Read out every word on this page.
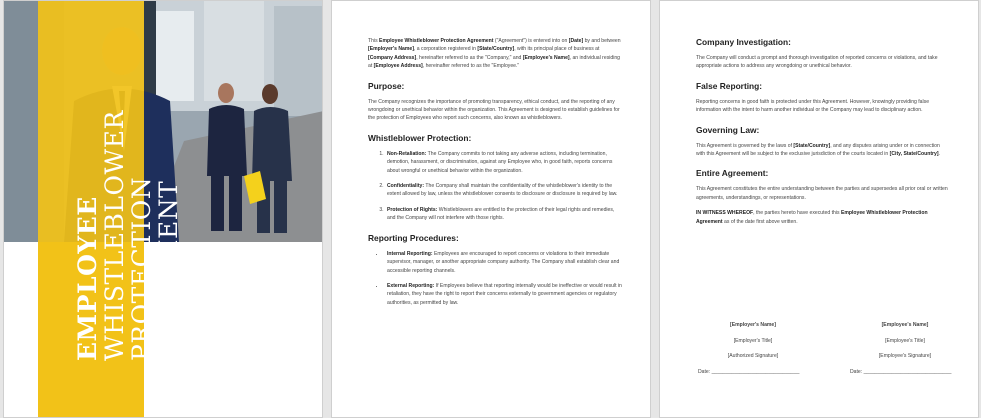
EMPLOYEE WHISTLEBLOWER
PROTECTION AGREEMENT
This Employee Whistleblower Protection Agreement ("Agreement") is entered into on [Date] by and between [Employer's Name], a corporation registered in [State/Country], with its principal place of business at [Company Address], hereinafter referred to as the "Company," and [Employee's Name], an individual residing at [Employee Address], hereinafter referred to as the "Employee."
Purpose:
The Company recognizes the importance of promoting transparency, ethical conduct, and the reporting of any wrongdoing or unethical behavior within the organization. This Agreement is designed to establish guidelines for the protection of Employees who report such concerns, also known as whistleblowers.
Whistleblower Protection:
1. Non-Retaliation: The Company commits to not taking any adverse actions, including termination, demotion, harassment, or discrimination, against any Employee who, in good faith, reports concerns about wrongful or unethical behavior within the organization.
2. Confidentiality: The Company shall maintain the confidentiality of the whistleblower's identity to the extent allowed by law, unless the whistleblower consents to disclosure or disclosure is required by law.
3. Protection of Rights: Whistleblowers are entitled to the protection of their legal rights and remedies, and the Company will not interfere with those rights.
Reporting Procedures:
• Internal Reporting: Employees are encouraged to report concerns or violations to their immediate supervisor, manager, or another appropriate company authority. The Company shall establish clear and accessible reporting channels.
• External Reporting: If Employees believe that reporting internally would be ineffective or would result in retaliation, they have the right to report their concerns externally to government agencies or regulatory authorities, as permitted by law.
Company Investigation:
The Company will conduct a prompt and thorough investigation of reported concerns or violations, and take appropriate actions to address any wrongdoing or unethical behavior.
False Reporting:
Reporting concerns in good faith is protected under this Agreement. However, knowingly providing false information with the intent to harm another individual or the Company may lead to disciplinary action.
Governing Law:
This Agreement is governed by the laws of [State/Country], and any disputes arising under or in connection with this Agreement will be subject to the exclusive jurisdiction of the courts located in [City, State/Country].
Entire Agreement:
This Agreement constitutes the entire understanding between the parties and supersedes all prior oral or written agreements, understandings, or representations.
IN WITNESS WHEREOF, the parties hereto have executed this Employee Whistleblower Protection Agreement as of the date first above written.
[Employer's Name]
[Employer's Title]
[Authorized Signature]
Date: _______________________________
[Employee's Name]
[Employee's Title]
[Employee's Signature]
Date: _______________________________
